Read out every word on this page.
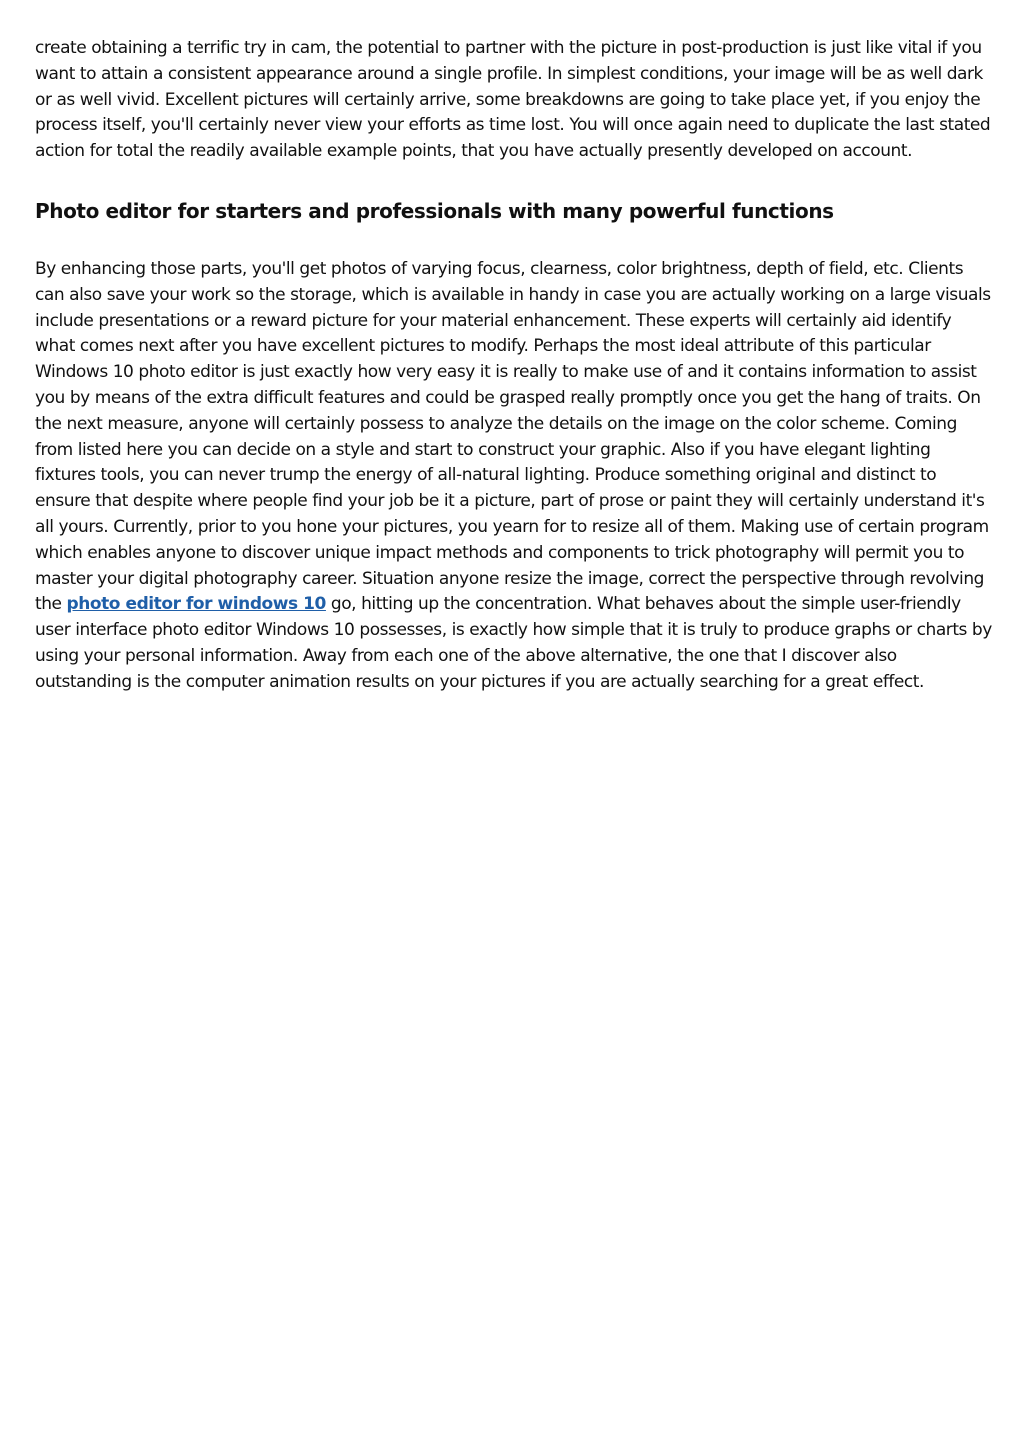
create obtaining a terrific try in cam, the potential to partner with the picture in post-production is just like vital if you want to attain a consistent appearance around a single profile. In simplest conditions, your image will be as well dark or as well vivid. Excellent pictures will certainly arrive, some breakdowns are going to take place yet, if you enjoy the process itself, you'll certainly never view your efforts as time lost. You will once again need to duplicate the last stated action for total the readily available example points, that you have actually presently developed on account.

Photo editor for starters and professionals with many powerful functions

By enhancing those parts, you'll get photos of varying focus, clearness, color brightness, depth of field, etc. Clients can also save your work so the storage, which is available in handy in case you are actually working on a large visuals include presentations or a reward picture for your material enhancement. These experts will certainly aid identify what comes next after you have excellent pictures to modify. Perhaps the most ideal attribute of this particular Windows 10 photo editor is just exactly how very easy it is really to make use of and it contains information to assist you by means of the extra difficult features and could be grasped really promptly once you get the hang of traits. On the next measure, anyone will certainly possess to analyze the details on the image on the color scheme. Coming from listed here you can decide on a style and start to construct your graphic. Also if you have elegant lighting fixtures tools, you can never trump the energy of all-natural lighting. Produce something original and distinct to ensure that despite where people find your job be it a picture, part of prose or paint they will certainly understand it's all yours. Currently, prior to you hone your pictures, you yearn for to resize all of them. Making use of certain program which enables anyone to discover unique impact methods and components to trick photography will permit you to master your digital photography career. Situation anyone resize the image, correct the perspective through revolving the photo editor for windows 10 go, hitting up the concentration. What behaves about the simple user-friendly user interface photo editor Windows 10 possesses, is exactly how simple that it is truly to produce graphs or charts by using your personal information. Away from each one of the above alternative, the one that I discover also outstanding is the computer animation results on your pictures if you are actually searching for a great effect.
